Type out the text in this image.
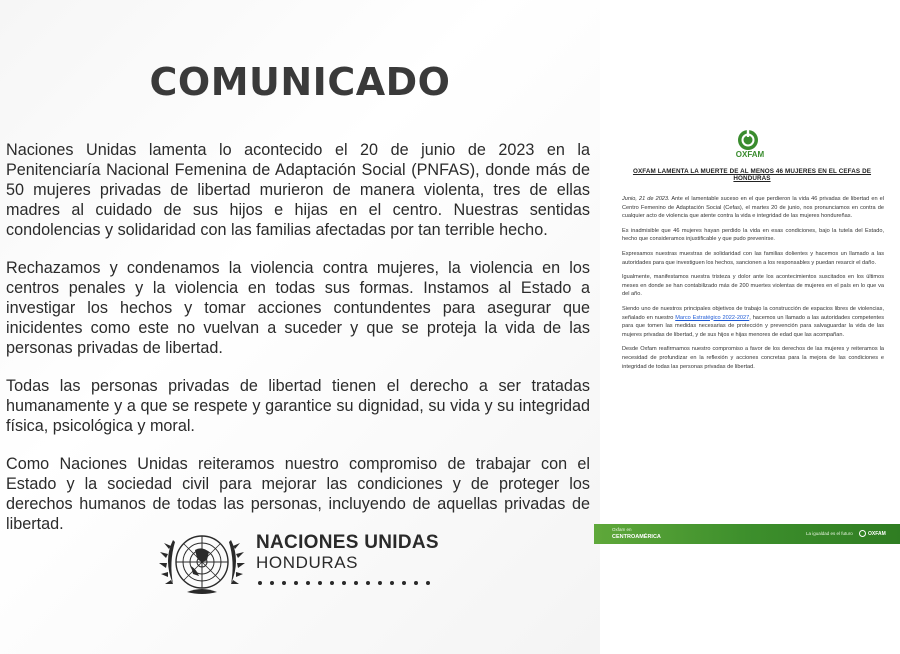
COMUNICADO

Naciones Unidas lamenta lo acontecido el 20 de junio de 2023 en la Penitenciaría Nacional Femenina de Adaptación Social (PNFAS), donde más de 50 mujeres privadas de libertad murieron de manera violenta, tres de ellas madres al cuidado de sus hijos e hijas en el centro. Nuestras sentidas condolencias y solidaridad con las familias afectadas por tan terrible hecho.

Rechazamos y condenamos la violencia contra mujeres, la violencia en los centros penales y la violencia en todas sus formas. Instamos al Estado a investigar los hechos y tomar acciones contundentes para asegurar que inicidentes como este no vuelvan a suceder y que se proteja la vida de las personas privadas de libertad.

Todas las personas privadas de libertad tienen el derecho a ser tratadas humanamente y a que se respete y garantice su dignidad, su vida y su integridad física, psicológica y moral.

Como Naciones Unidas reiteramos nuestro compromiso de trabajar con el Estado y la sociedad civil para mejorar las condiciones y de proteger los derechos humanos de todas las personas, incluyendo de aquellas privadas de libertad.

NACIONES UNIDAS
HONDURAS
OXFAM
OXFAM LAMENTA LA MUERTE DE AL MENOS 46 MUJERES EN EL CEFAS DE HONDURAS

Junio, 21 de 2023. Ante el lamentable suceso en el que perdieron la vida 46 privadas de libertad en el Centro Femenino de Adaptación Social (Cefas), el martes 20 de junio, nos pronunciamos en contra de cualquier acto de violencia que atente contra la vida e integridad de las mujeres hondureñas.

Es inadmisible que 46 mujeres hayan perdido la vida en esas condiciones, bajo la tutela del Estado, hecho que consideramos injustificable y que pudo prevenirse.

Expresamos nuestras muestras de solidaridad con las familias dolientes y hacemos un llamado a las autoridades para que investiguen los hechos, sancionen a los responsables y puedan resarcir el daño.

Igualmente, manifestamos nuestra tristeza y dolor ante los acontecimientos suscitados en los últimos meses en donde se han contabilizado más de 200 muertes violentas de mujeres en el país en lo que va del año.

Siendo uno de nuestros principales objetivos de trabajo la construcción de espacios libres de violencias, señalado en nuestro Marco Estratégico 2022-2027, hacemos un llamado a las autoridades competentes para que tomen las medidas necesarias de protección y prevención para salvaguardar la vida de las mujeres privadas de libertad, y de sus hijos e hijas menores de edad que las acompañan.

Desde Oxfam reafirmamos nuestro compromiso a favor de los derechos de las mujeres y reiteramos la necesidad de profundizar en la reflexión y acciones concretas para la mejora de las condiciones e integridad de todas las personas privadas de libertad.

Oxfam en
CENTROAMÉRICA
La igualdad es el futuro	OXFAM
